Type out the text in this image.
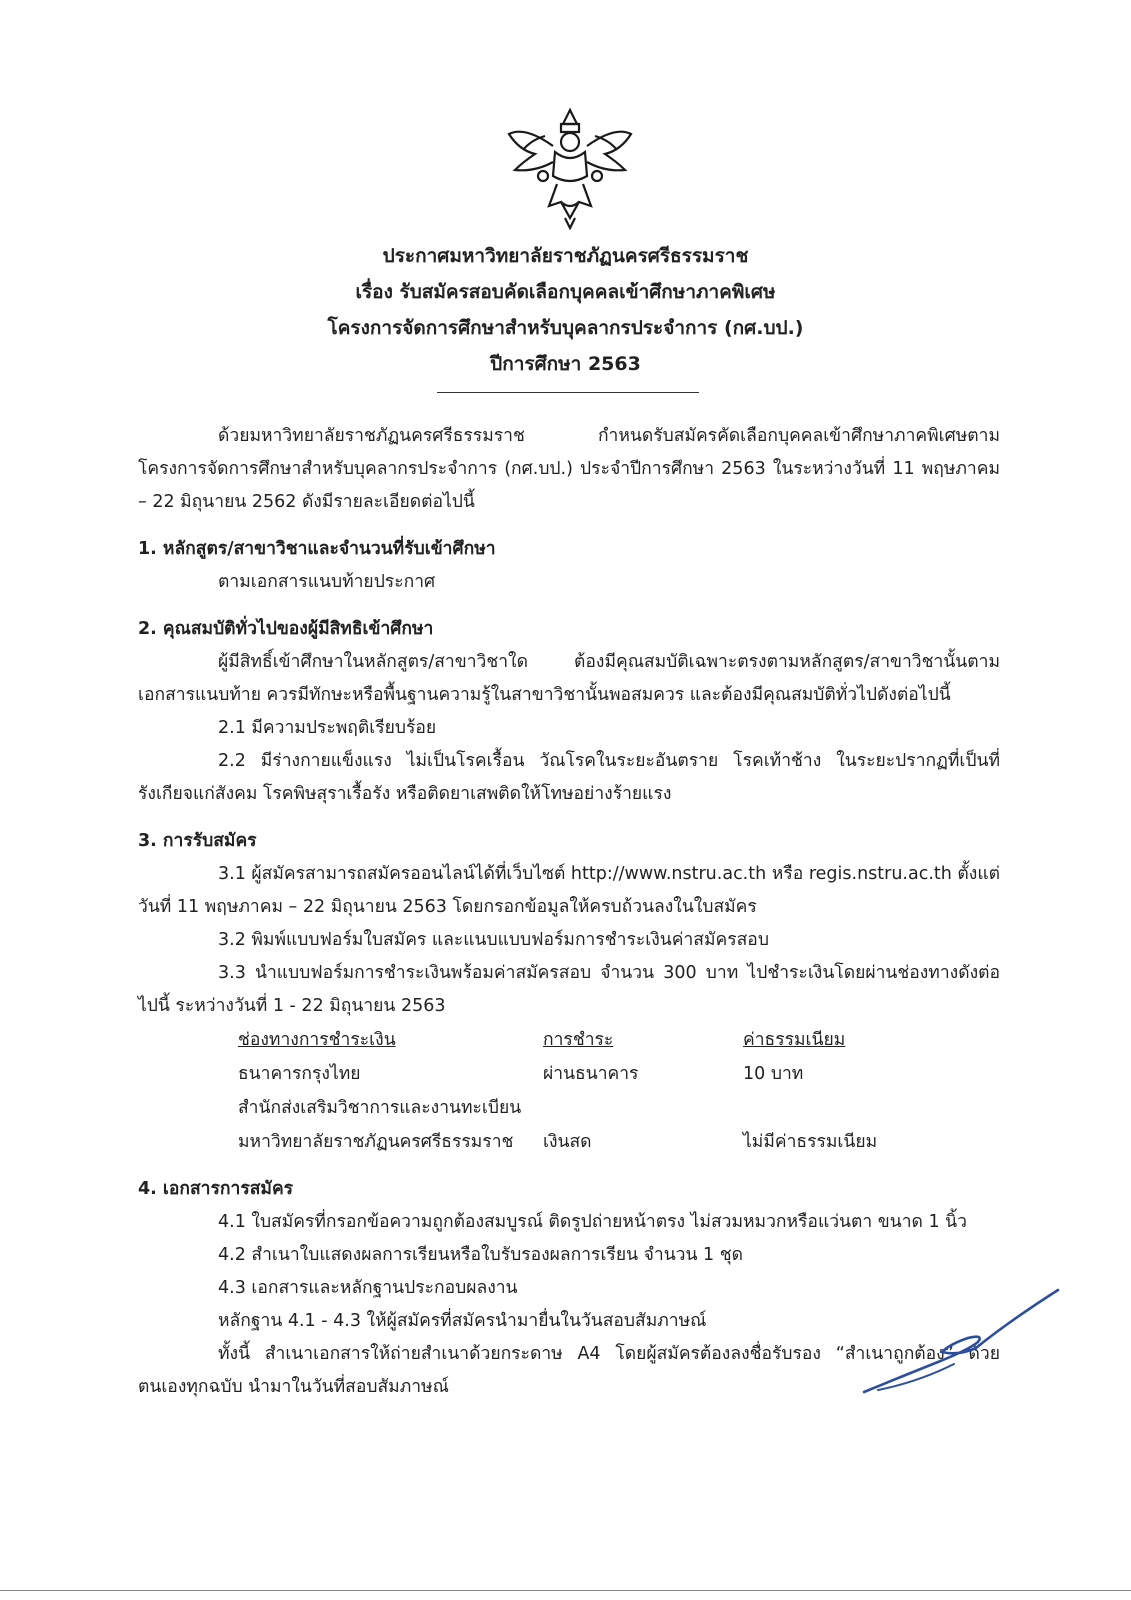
ประกาศมหาวิทยาลัยราชภัฏนครศรีธรรมราช
เรื่อง รับสมัครสอบคัดเลือกบุคคลเข้าศึกษาภาคพิเศษ
โครงการจัดการศึกษาสำหรับบุคลากรประจำการ (กศ.บป.)
ปีการศึกษา 2563

ด้วยมหาวิทยาลัยราชภัฏนครศรีธรรมราช กำหนดรับสมัครคัดเลือกบุคคลเข้าศึกษาภาคพิเศษตามโครงการจัดการศึกษาสำหรับบุคลากรประจำการ (กศ.บป.) ประจำปีการศึกษา 2563 ในระหว่างวันที่ 11 พฤษภาคม – 22 มิถุนายน 2562 ดังมีรายละเอียดต่อไปนี้

1. หลักสูตร/สาขาวิชาและจำนวนที่รับเข้าศึกษา

ตามเอกสารแนบท้ายประกาศ

2. คุณสมบัติทั่วไปของผู้มีสิทธิเข้าศึกษา

ผู้มีสิทธิ์เข้าศึกษาในหลักสูตร/สาขาวิชาใด ต้องมีคุณสมบัติเฉพาะตรงตามหลักสูตร/สาขาวิชานั้นตามเอกสารแนบท้าย ควรมีทักษะหรือพื้นฐานความรู้ในสาขาวิชานั้นพอสมควร และต้องมีคุณสมบัติทั่วไปดังต่อไปนี้

2.1 มีความประพฤติเรียบร้อย

2.2 มีร่างกายแข็งแรง ไม่เป็นโรคเรื้อน วัณโรคในระยะอันตราย โรคเท้าช้าง ในระยะปรากฏที่เป็นที่รังเกียจแก่สังคม โรคพิษสุราเรื้อรัง หรือติดยาเสพติดให้โทษอย่างร้ายแรง

3. การรับสมัคร

3.1 ผู้สมัครสามารถสมัครออนไลน์ได้ที่เว็บไซต์ http://www.nstru.ac.th หรือ regis.nstru.ac.th ตั้งแต่วันที่ 11 พฤษภาคม – 22 มิถุนายน 2563 โดยกรอกข้อมูลให้ครบถ้วนลงในใบสมัคร

3.2 พิมพ์แบบฟอร์มใบสมัคร และแนบแบบฟอร์มการชำระเงินค่าสมัครสอบ

3.3 นำแบบฟอร์มการชำระเงินพร้อมค่าสมัครสอบ จำนวน 300 บาท ไปชำระเงินโดยผ่านช่องทางดังต่อไปนี้ ระหว่างวันที่ 1 - 22 มิถุนายน 2563

ช่องทางการชำระเงิน	การชำระ	ค่าธรรมเนียม
ธนาคารกรุงไทย	ผ่านธนาคาร	10 บาท
สำนักส่งเสริมวิชาการและงานทะเบียน		
มหาวิทยาลัยราชภัฏนครศรีธรรมราช	เงินสด	ไม่มีค่าธรรมเนียม

4. เอกสารการสมัคร

4.1 ใบสมัครที่กรอกข้อความถูกต้องสมบูรณ์ ติดรูปถ่ายหน้าตรง ไม่สวมหมวกหรือแว่นตา ขนาด 1 นิ้ว

4.2 สำเนาใบแสดงผลการเรียนหรือใบรับรองผลการเรียน จำนวน 1 ชุด

4.3 เอกสารและหลักฐานประกอบผลงาน

หลักฐาน 4.1 - 4.3 ให้ผู้สมัครที่สมัครนำมายื่นในวันสอบสัมภาษณ์

ทั้งนี้ สำเนาเอกสารให้ถ่ายสำเนาด้วยกระดาษ A4 โดยผู้สมัครต้องลงชื่อรับรอง “สำเนาถูกต้อง” ด้วยตนเองทุกฉบับ นำมาในวันที่สอบสัมภาษณ์
